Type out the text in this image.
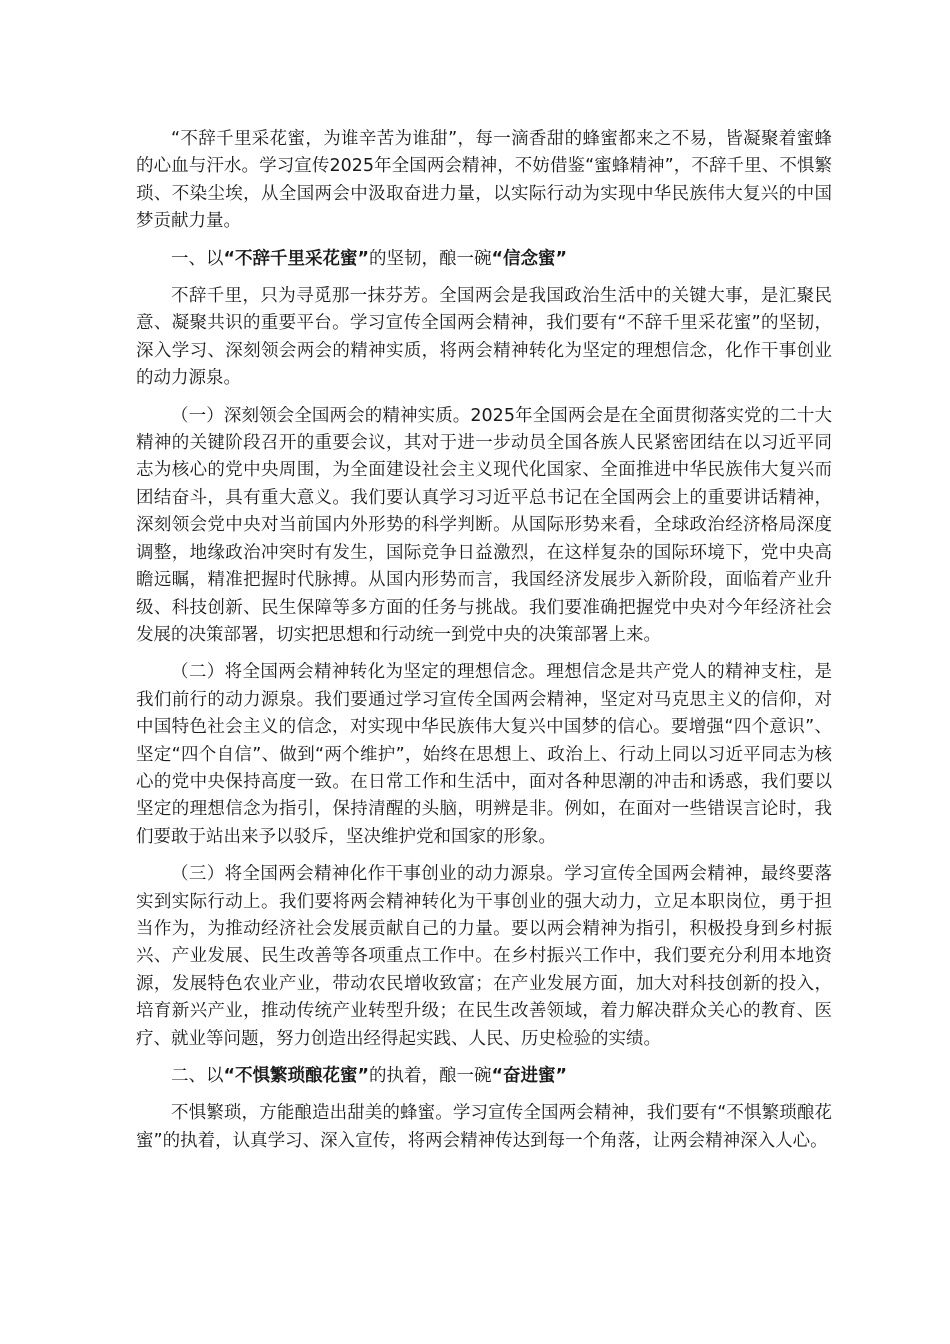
“不辞千里采花蜜，为谁辛苦为谁甜”，每一滴香甜的蜂蜜都来之不易，皆凝聚着蜜蜂的心血与汗水。学习宣传2025年全国两会精神，不妨借鉴“蜜蜂精神”，不辞千里、不惧繁琐、不染尘埃，从全国两会中汲取奋进力量，以实际行动为实现中华民族伟大复兴的中国梦贡献力量。

一、以“不辞千里采花蜜”的坚韧，酿一碗“信念蜜”

不辞千里，只为寻觅那一抹芬芳。全国两会是我国政治生活中的关键大事，是汇聚民意、凝聚共识的重要平台。学习宣传全国两会精神，我们要有“不辞千里采花蜜”的坚韧，深入学习、深刻领会两会的精神实质，将两会精神转化为坚定的理想信念，化作干事创业的动力源泉。

（一）深刻领会全国两会的精神实质。2025年全国两会是在全面贯彻落实党的二十大精神的关键阶段召开的重要会议，其对于进一步动员全国各族人民紧密团结在以习近平同志为核心的党中央周围，为全面建设社会主义现代化国家、全面推进中华民族伟大复兴而团结奋斗，具有重大意义。我们要认真学习习近平总书记在全国两会上的重要讲话精神，深刻领会党中央对当前国内外形势的科学判断。从国际形势来看，全球政治经济格局深度调整，地缘政治冲突时有发生，国际竞争日益激烈，在这样复杂的国际环境下，党中央高瞻远瞩，精准把握时代脉搏。从国内形势而言，我国经济发展步入新阶段，面临着产业升级、科技创新、民生保障等多方面的任务与挑战。我们要准确把握党中央对今年经济社会发展的决策部署，切实把思想和行动统一到党中央的决策部署上来。

（二）将全国两会精神转化为坚定的理想信念。理想信念是共产党人的精神支柱，是我们前行的动力源泉。我们要通过学习宣传全国两会精神，坚定对马克思主义的信仰，对中国特色社会主义的信念，对实现中华民族伟大复兴中国梦的信心。要增强“四个意识”、坚定“四个自信”、做到“两个维护”，始终在思想上、政治上、行动上同以习近平同志为核心的党中央保持高度一致。在日常工作和生活中，面对各种思潮的冲击和诱惑，我们要以坚定的理想信念为指引，保持清醒的头脑，明辨是非。例如，在面对一些错误言论时，我们要敢于站出来予以驳斥，坚决维护党和国家的形象。

（三）将全国两会精神化作干事创业的动力源泉。学习宣传全国两会精神，最终要落实到实际行动上。我们要将两会精神转化为干事创业的强大动力，立足本职岗位，勇于担当作为，为推动经济社会发展贡献自己的力量。要以两会精神为指引，积极投身到乡村振兴、产业发展、民生改善等各项重点工作中。在乡村振兴工作中，我们要充分利用本地资源，发展特色农业产业，带动农民增收致富；在产业发展方面，加大对科技创新的投入，培育新兴产业，推动传统产业转型升级；在民生改善领域，着力解决群众关心的教育、医疗、就业等问题，努力创造出经得起实践、人民、历史检验的实绩。

二、以“不惧繁琐酿花蜜”的执着，酿一碗“奋进蜜”

不惧繁琐，方能酿造出甜美的蜂蜜。学习宣传全国两会精神，我们要有“不惧繁琐酿花蜜”的执着，认真学习、深入宣传，将两会精神传达到每一个角落，让两会精神深入人心。
